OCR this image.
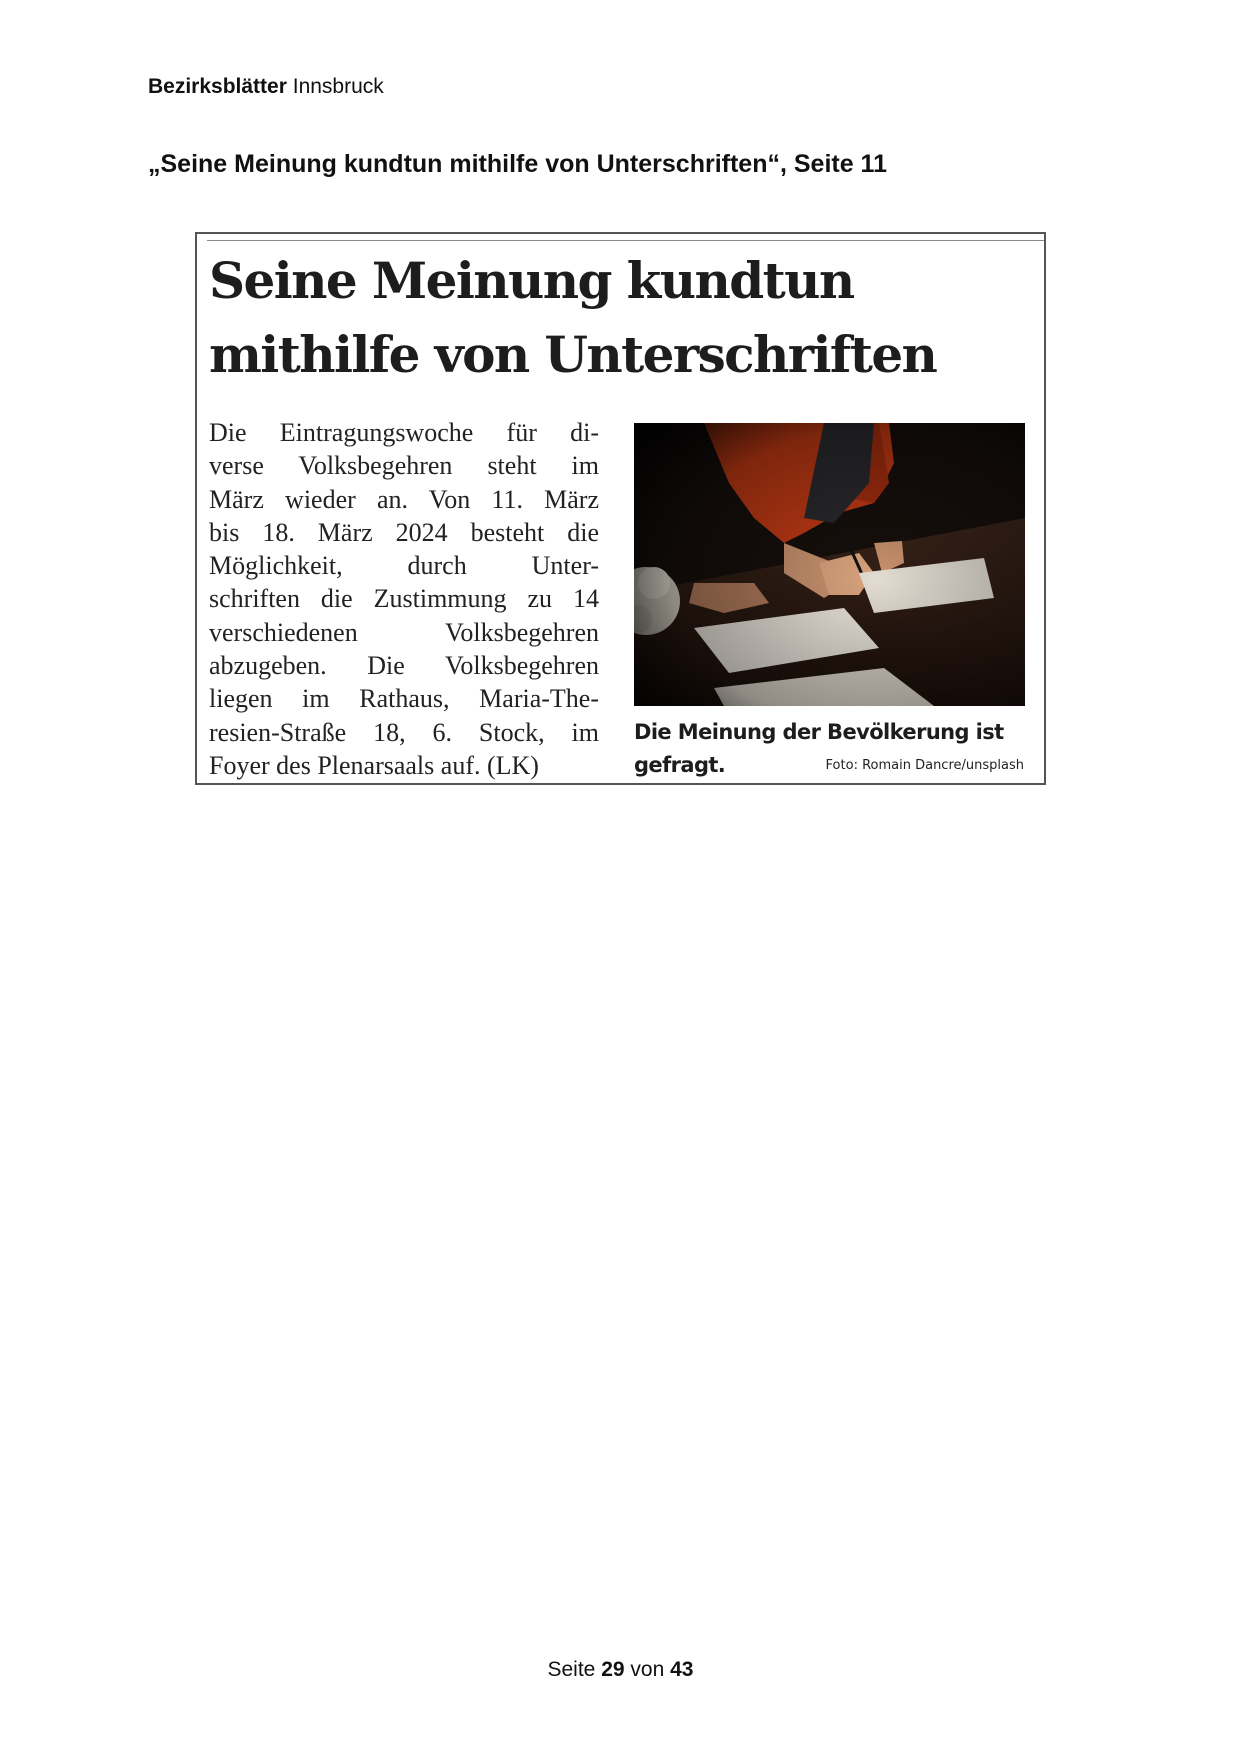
Bezirksblätter Innsbruck
„Seine Meinung kundtun mithilfe von Unterschriften“, Seite 11
Seine Meinung kundtun
mithilfe von Unterschriften
Die Eintragungswoche für di-
verse Volksbegehren steht im
März wieder an. Von 11. März
bis 18. März 2024 besteht die
Möglichkeit, durch Unter-
schriften die Zustimmung zu 14
verschiedenen Volksbegehren
abzugeben. Die Volksbegehren
liegen im Rathaus, Maria-The-
resien-Straße 18, 6. Stock, im
Foyer des Plenarsaals auf. (LK)
Die Meinung der Bevölkerung ist gefragt.	Foto: Romain Dancre/unsplash
Seite 29 von 43
